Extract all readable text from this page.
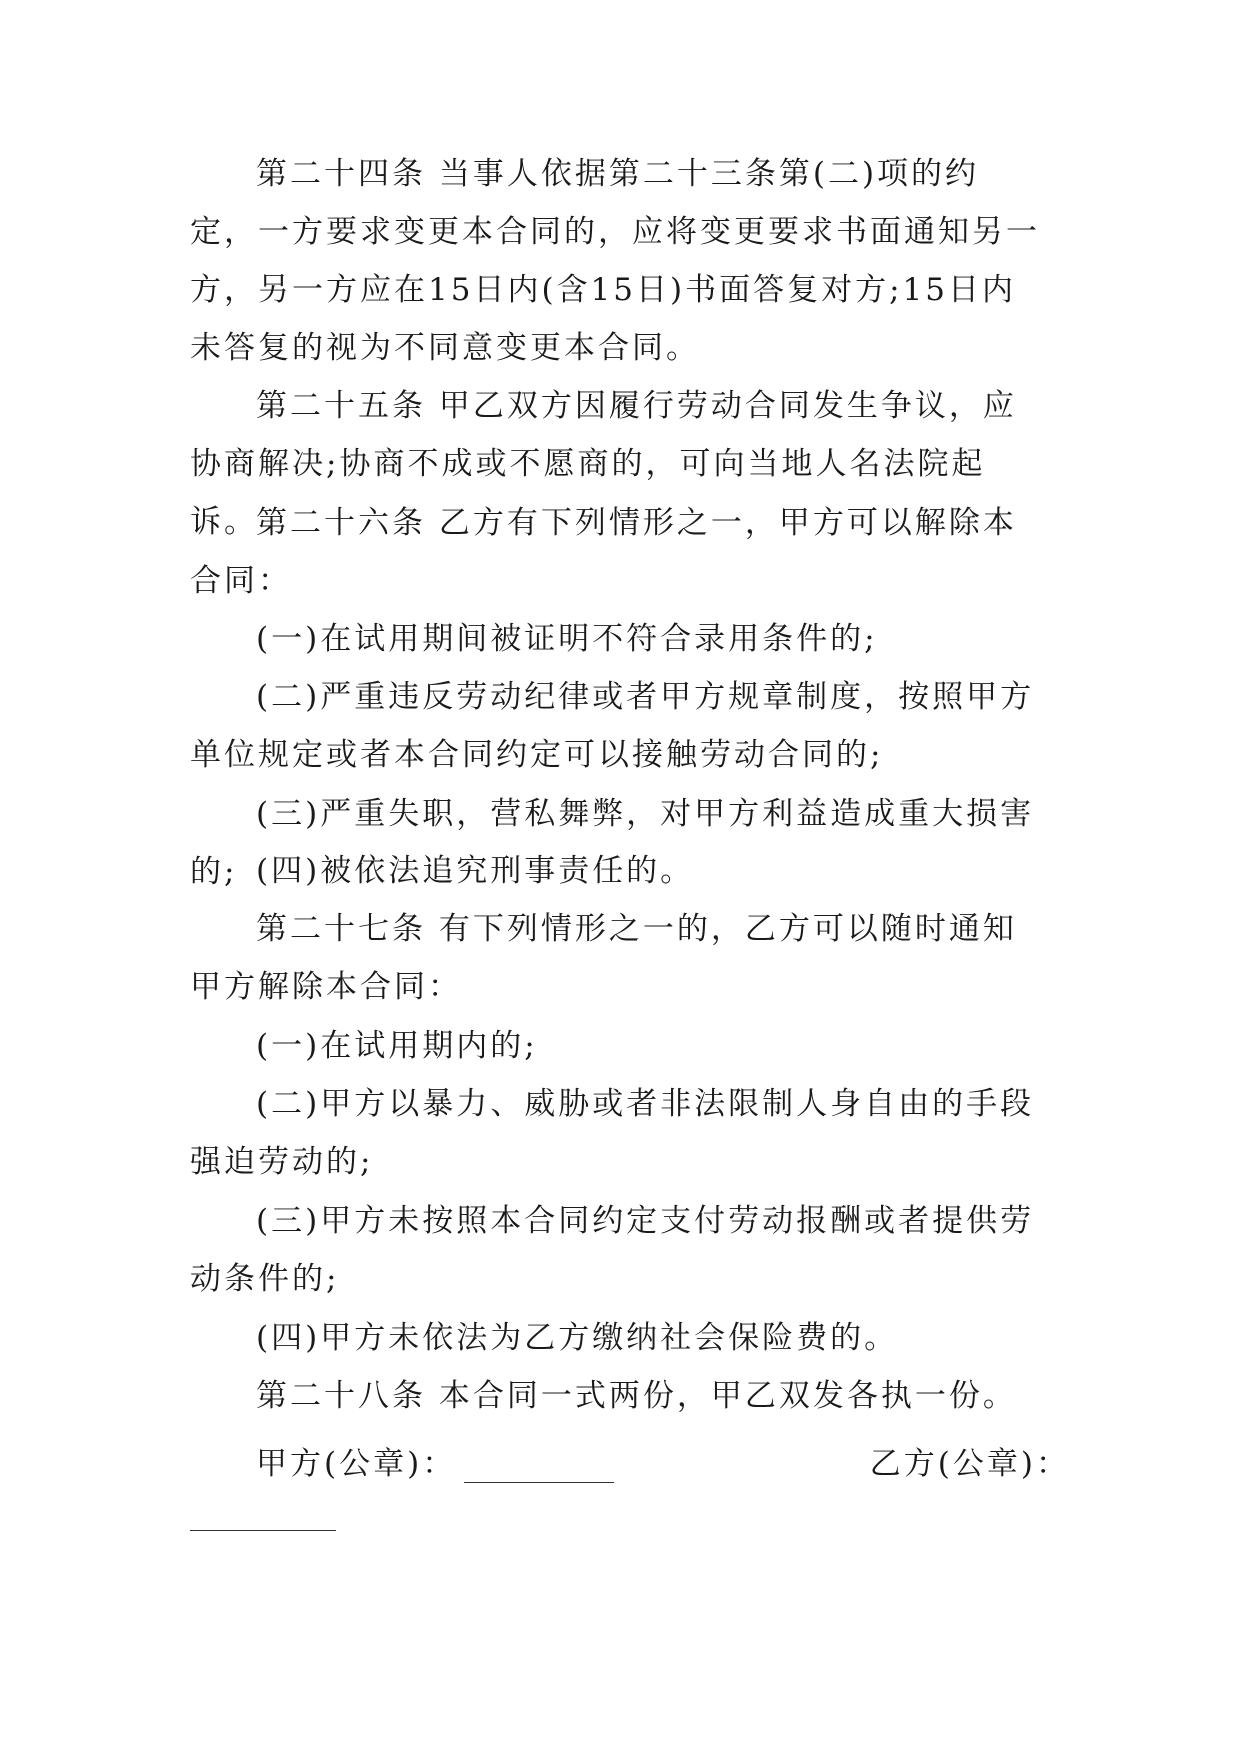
第二十四条 当事人依据第二十三条第(二)项的约定，一方要求变更本合同的，应将变更要求书面通知另一方，另一方应在15日内(含15日)书面答复对方;15日内未答复的视为不同意变更本合同。

第二十五条 甲乙双方因履行劳动合同发生争议，应协商解决;协商不成或不愿商的，可向当地人名法院起诉。

第二十六条 乙方有下列情形之一，甲方可以解除本合同：

(一)在试用期间被证明不符合录用条件的;

(二)严重违反劳动纪律或者甲方规章制度，按照甲方单位规定或者本合同约定可以接触劳动合同的;

(三)严重失职，营私舞弊，对甲方利益造成重大损害的; (四)被依法追究刑事责任的。

第二十七条 有下列情形之一的，乙方可以随时通知甲方解除本合同：

(一)在试用期内的;

(二)甲方以暴力、威胁或者非法限制人身自由的手段强迫劳动的;

(三)甲方未按照本合同约定支付劳动报酬或者提供劳动条件的;

(四)甲方未依法为乙方缴纳社会保险费的。

第二十八条 本合同一式两份，甲乙双发各执一份。

甲方(公章)：	乙方(公章)：
